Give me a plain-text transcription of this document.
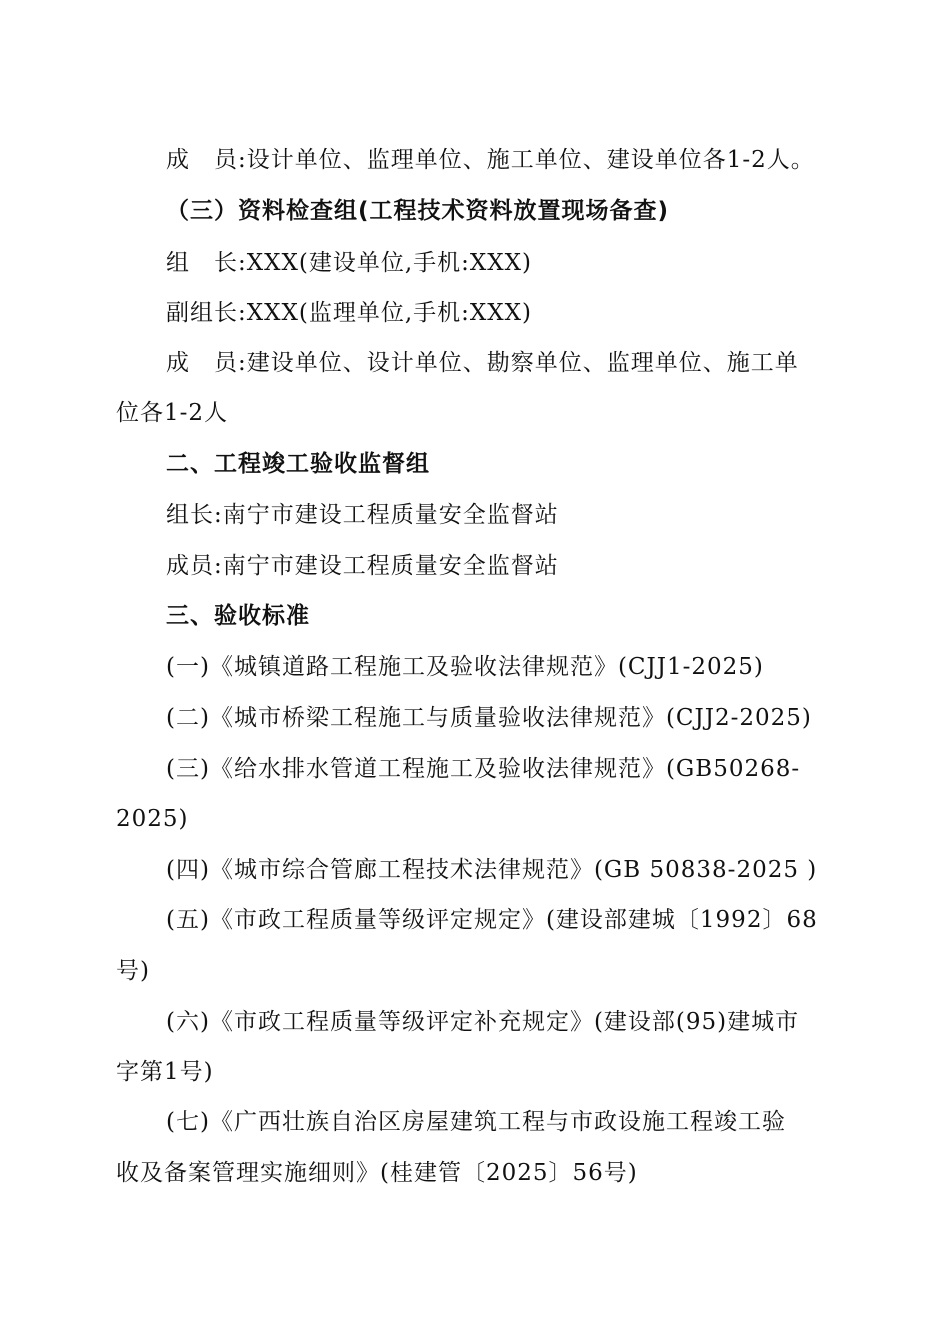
成　员:设计单位、监理单位、施工单位、建设单位各1-2人。
（三）资料检查组(工程技术资料放置现场备查)
组　长:XXX(建设单位,手机:XXX)
副组长:XXX(监理单位,手机:XXX)
成　员:建设单位、设计单位、勘察单位、监理单位、施工单
位各1-2人
二、工程竣工验收监督组
组长:南宁市建设工程质量安全监督站
成员:南宁市建设工程质量安全监督站
三、验收标准
(一)《城镇道路工程施工及验收法律规范》(CJJ1-2025)
(二)《城市桥梁工程施工与质量验收法律规范》(CJJ2-2025)
(三)《给水排水管道工程施工及验收法律规范》(GB50268-
2025)
(四)《城市综合管廊工程技术法律规范》(GB 50838-2025 )
(五)《市政工程质量等级评定规定》(建设部建城〔1992〕68
号)
(六)《市政工程质量等级评定补充规定》(建设部(95)建城市
字第1号)
(七)《广西壮族自治区房屋建筑工程与市政设施工程竣工验
收及备案管理实施细则》(桂建管〔2025〕56号)
